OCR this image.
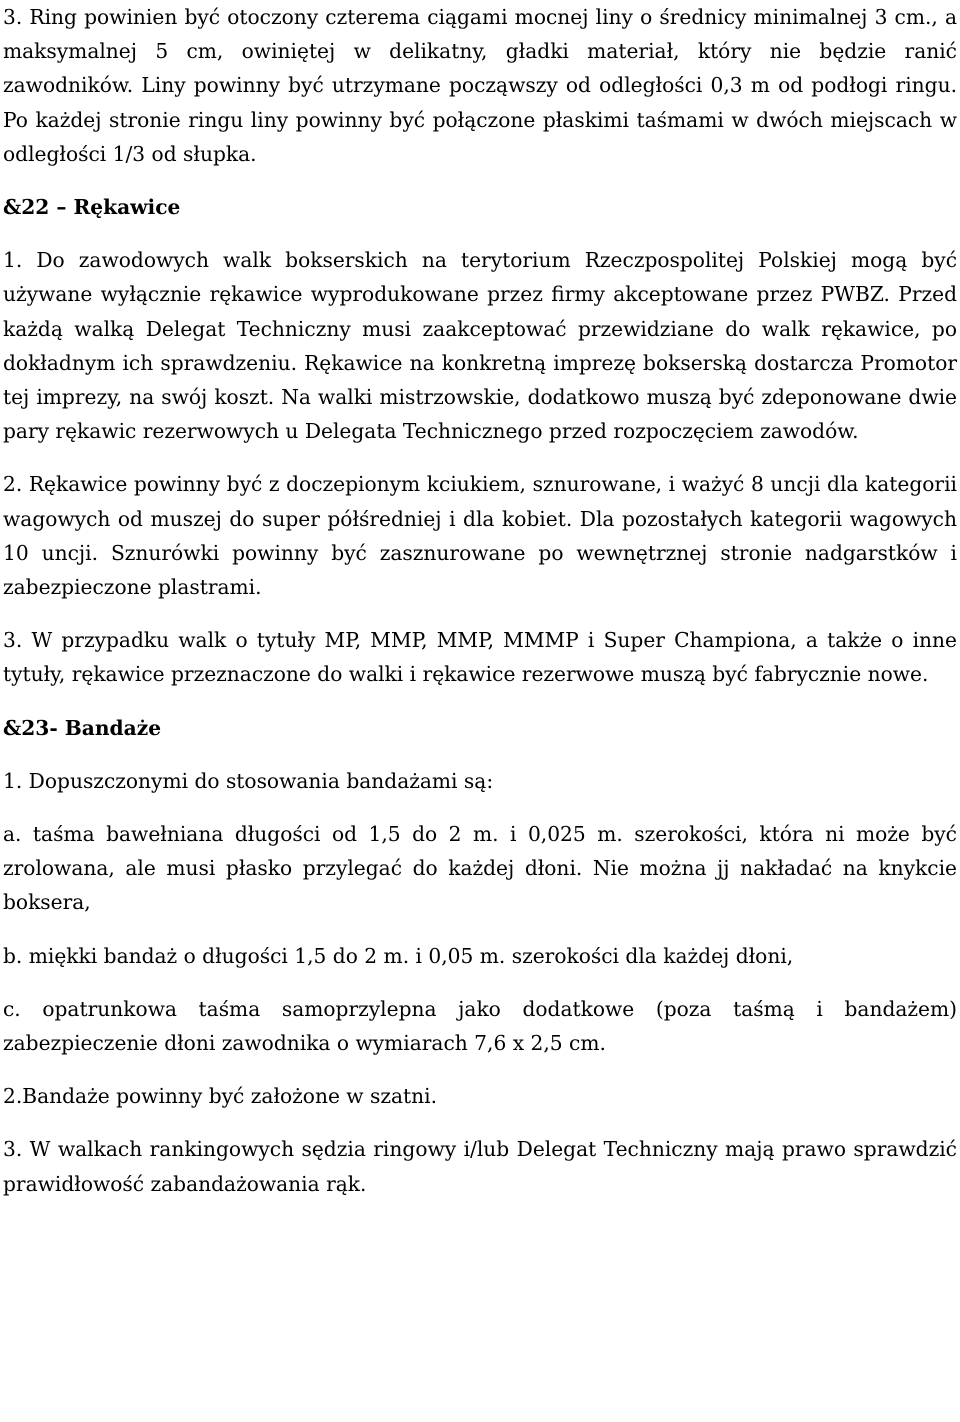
3. Ring powinien być otoczony czterema ciągami mocnej liny o średnicy minimalnej 3 cm., a maksymalnej 5 cm, owiniętej w delikatny, gładki materiał, który nie będzie ranić zawodników. Liny powinny być utrzymane począwszy od odległości 0,3 m od podłogi ringu. Po każdej stronie ringu liny powinny być połączone płaskimi taśmami w dwóch miejscach w odległości 1/3 od słupka.

&22 – Rękawice

1. Do zawodowych walk bokserskich na terytorium Rzeczpospolitej Polskiej mogą być używane wyłącznie rękawice wyprodukowane przez firmy akceptowane przez PWBZ. Przed każdą walką Delegat Techniczny musi zaakceptować przewidziane do walk rękawice, po dokładnym ich sprawdzeniu. Rękawice na konkretną imprezę bokserską dostarcza Promotor tej imprezy, na swój koszt. Na walki mistrzowskie, dodatkowo muszą być zdeponowane dwie pary rękawic rezerwowych u Delegata Technicznego przed rozpoczęciem zawodów.

2. Rękawice powinny być z doczepionym kciukiem, sznurowane, i ważyć 8 uncji dla kategorii wagowych od muszej do super półśredniej i dla kobiet. Dla pozostałych kategorii wagowych 10 uncji. Sznurówki powinny być zasznurowane po wewnętrznej stronie nadgarstków i zabezpieczone plastrami.

3. W przypadku walk o tytuły MP, MMP, MMP, MMMP i Super Championa, a także o inne tytuły, rękawice przeznaczone do walki i rękawice rezerwowe muszą być fabrycznie nowe.

&23- Bandaże

1. Dopuszczonymi do stosowania bandażami są:

a. taśma bawełniana długości od 1,5 do 2 m. i 0,025 m. szerokości, która ni może być zrolowana, ale musi płasko przylegać do każdej dłoni. Nie można jj nakładać na knykcie boksera,

b. miękki bandaż o długości 1,5 do 2 m. i 0,05 m. szerokości dla każdej dłoni,

c. opatrunkowa taśma samoprzylepna jako dodatkowe (poza taśmą i bandażem) zabezpieczenie dłoni zawodnika o wymiarach 7,6 x 2,5 cm.

2.Bandaże powinny być założone w szatni.

3. W walkach rankingowych sędzia ringowy i/lub Delegat Techniczny mają prawo sprawdzić prawidłowość zabandażowania rąk.
